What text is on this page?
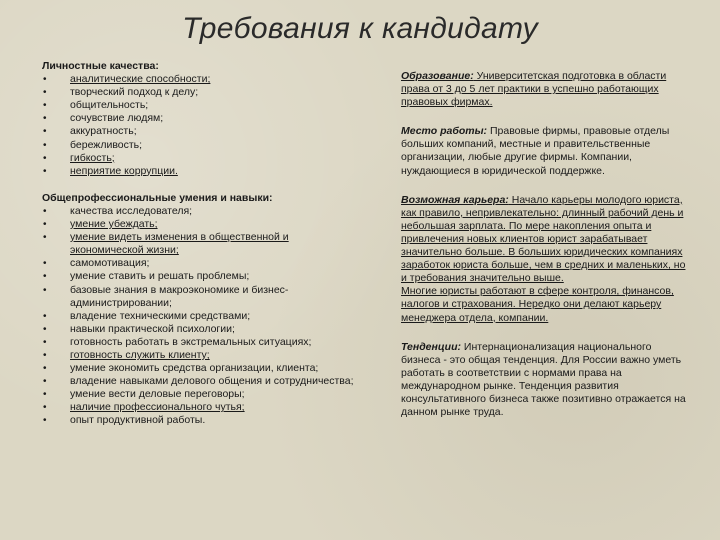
Требования к кандидату

Личностные качества:

• аналитические способности;
• творческий подход к делу;
• общительность;
• сочувствие людям;
• аккуратность;
• бережливость;
• гибкость;
• неприятие коррупции.

Общепрофессиональные умения и навыки:

• качества исследователя;
• умение убеждать;
• умение видеть изменения в общественной и экономической жизни;
• самомотивация;
• умение ставить и решать проблемы;
• базовые знания в макроэкономике и бизнес-администрировании;
• владение техническими средствами;
• навыки практической психологии;
• готовность работать в экстремальных ситуациях;
• готовность служить клиенту;
• умение экономить средства организации, клиента;
• владение навыками делового общения и сотрудничества;
• умение вести деловые переговоры;
• наличие профессионального чутья;
• опыт продуктивной работы.

Образование: Университетская подготовка в области права от 3 до 5 лет практики в успешно работающих правовых фирмах.

Место работы: Правовые фирмы, правовые отделы больших компаний, местные и правительственные организации, любые другие фирмы. Компании, нуждающиеся в юридической поддержке.

Возможная карьера: Начало карьеры молодого юриста, как правило, непривлекательно: длинный рабочий день и небольшая зарплата. По мере накопления опыта и привлечения новых клиентов юрист зарабатывает значительно больше. В больших юридических компаниях заработок юриста больше, чем в средних и маленьких, но и требования значительно выше.

Многие юристы работают в сфере контроля, финансов, налогов и страхования. Нередко они делают карьеру менеджера отдела, компании.

Тенденции: Интернационализация национального бизнеса - это общая тенденция. Для России важно уметь работать в соответствии с нормами права на международном рынке. Тенденция развития консультативного бизнеса также позитивно отражается на данном рынке труда.
